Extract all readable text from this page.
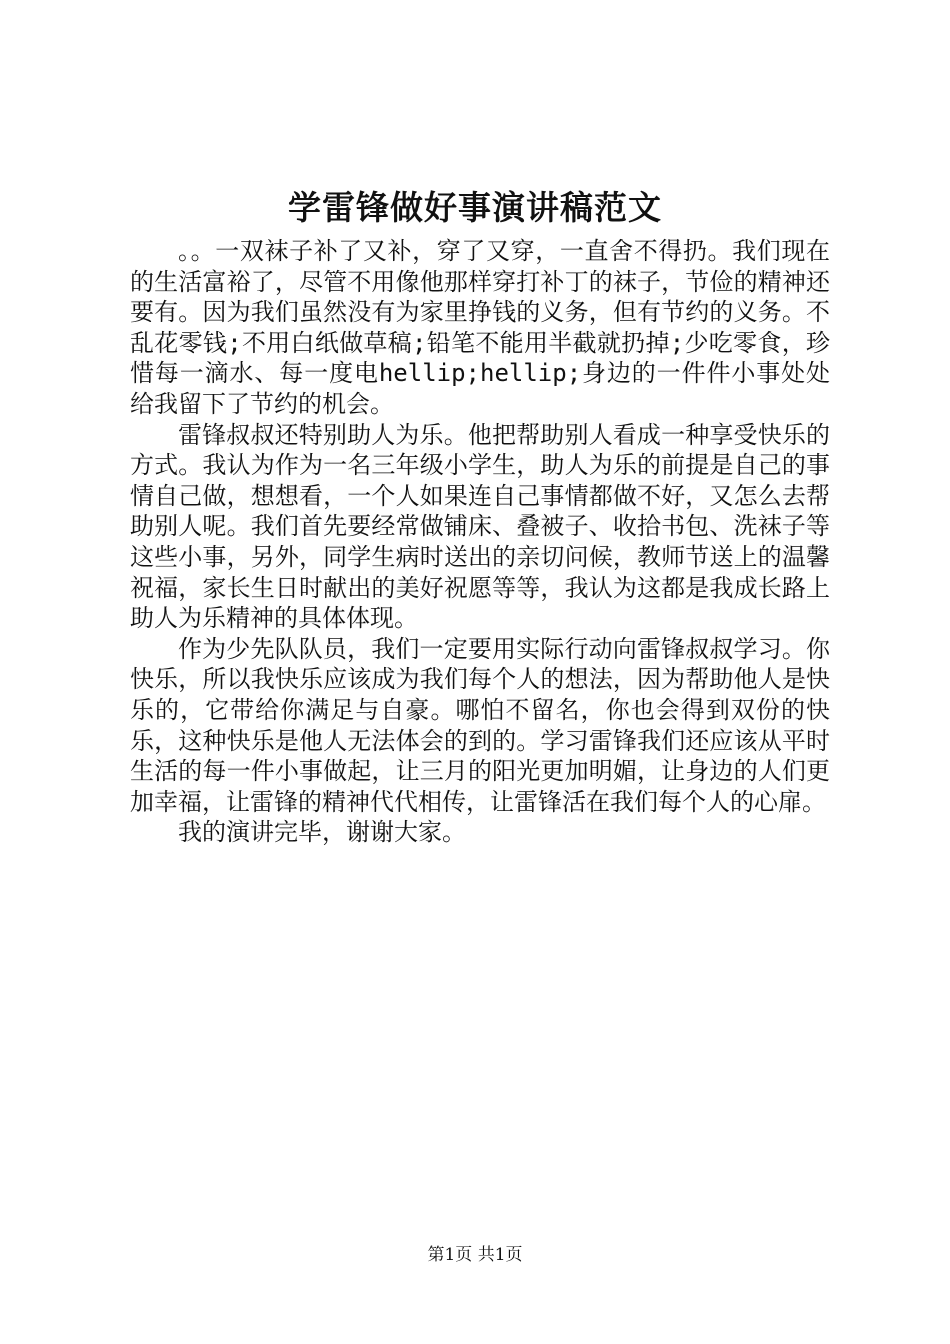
学雷锋做好事演讲稿范文

。。一双袜子补了又补，穿了又穿，一直舍不得扔。我们现在的生活富裕了，尽管不用像他那样穿打补丁的袜子，节俭的精神还要有。因为我们虽然没有为家里挣钱的义务，但有节约的义务。不乱花零钱;不用白纸做草稿;铅笔不能用半截就扔掉;少吃零食，珍惜每一滴水、每一度电hellip;hellip;身边的一件件小事处处给我留下了节约的机会。

雷锋叔叔还特别助人为乐。他把帮助别人看成一种享受快乐的方式。我认为作为一名三年级小学生，助人为乐的前提是自己的事情自己做，想想看，一个人如果连自己事情都做不好，又怎么去帮助别人呢。我们首先要经常做铺床、叠被子、收拾书包、洗袜子等这些小事，另外，同学生病时送出的亲切问候，教师节送上的温馨祝福，家长生日时献出的美好祝愿等等，我认为这都是我成长路上助人为乐精神的具体体现。

作为少先队队员，我们一定要用实际行动向雷锋叔叔学习。你快乐，所以我快乐应该成为我们每个人的想法，因为帮助他人是快乐的，它带给你满足与自豪。哪怕不留名，你也会得到双份的快乐，这种快乐是他人无法体会的到的。学习雷锋我们还应该从平时生活的每一件小事做起，让三月的阳光更加明媚，让身边的人们更加幸福，让雷锋的精神代代相传，让雷锋活在我们每个人的心扉。

我的演讲完毕，谢谢大家。

第1页 共1页
